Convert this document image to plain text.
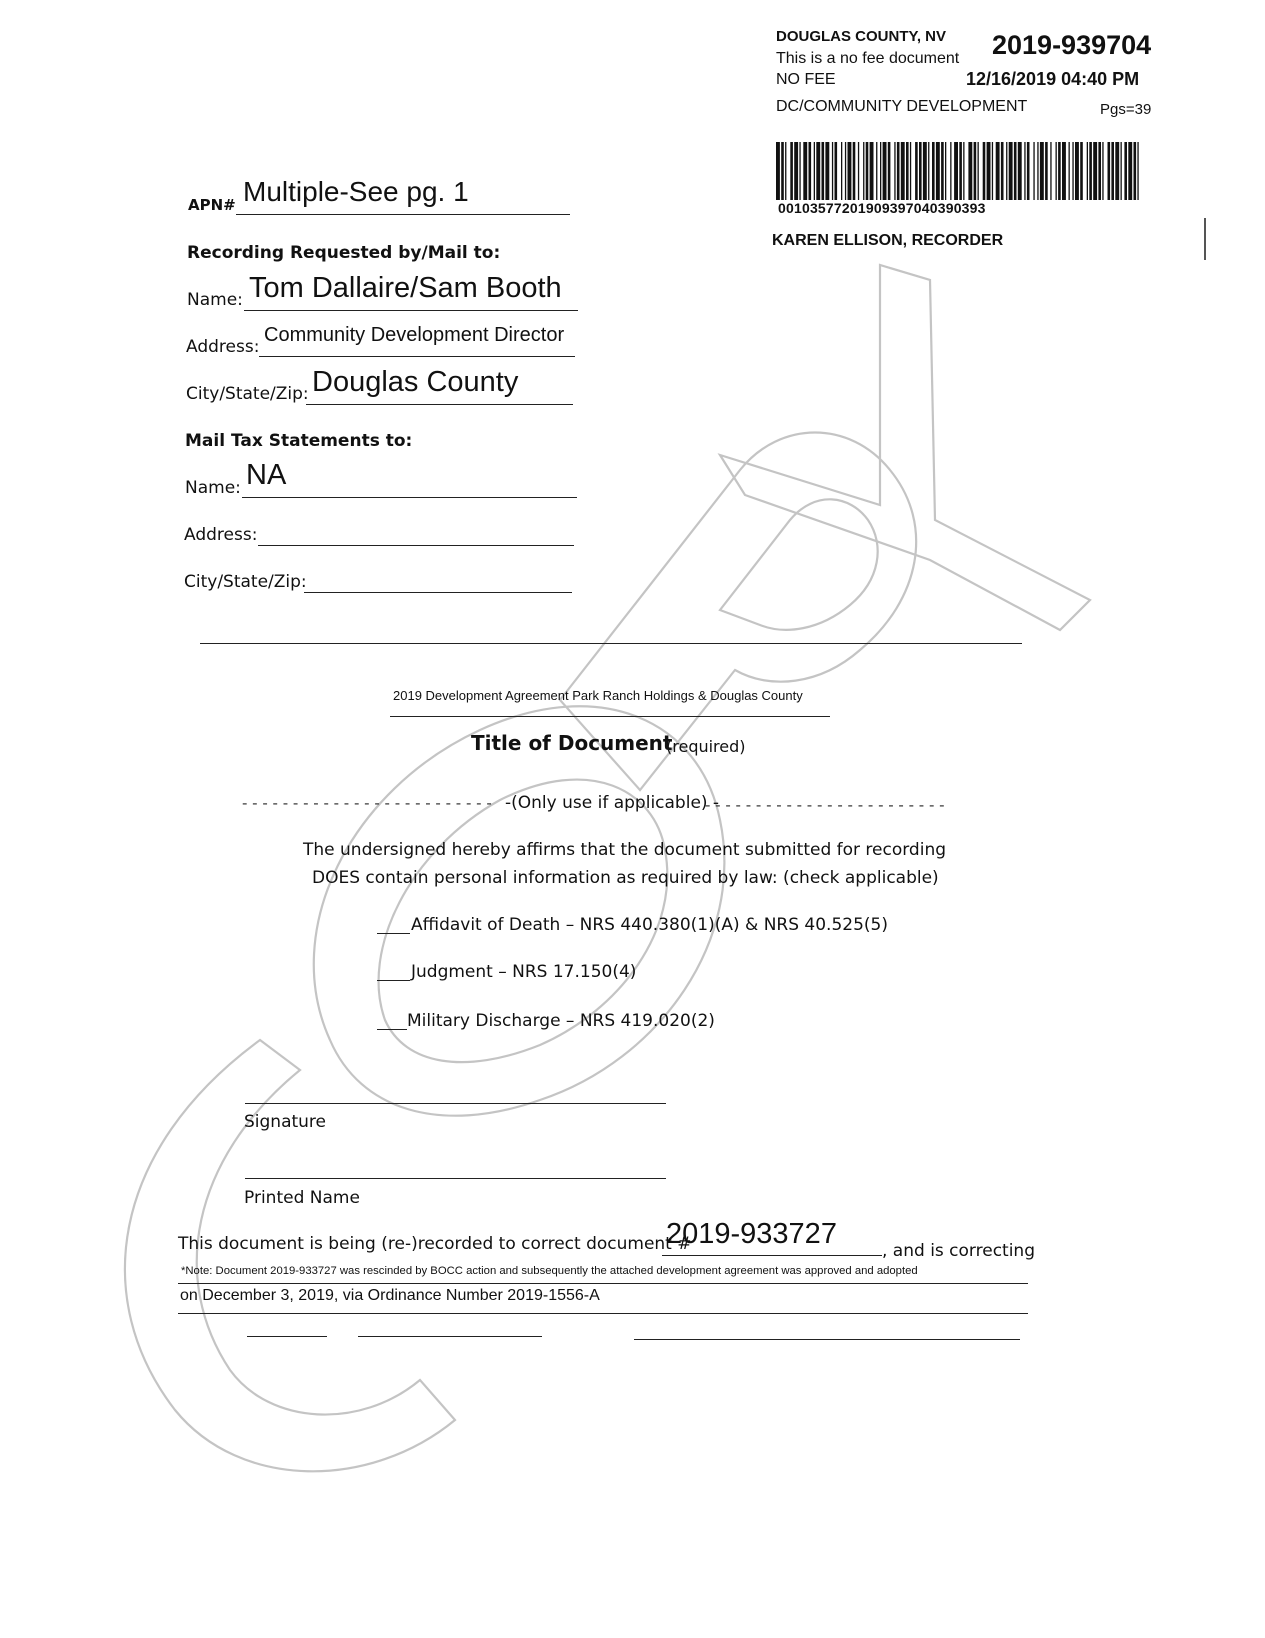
DOUGLAS COUNTY, NV 2019-939704
This is a no fee document
NO FEE	12/16/2019 04:40 PM
DC/COMMUNITY DEVELOPMENT	Pgs=39
00103577201909397040390393
KAREN ELLISON, RECORDER
APN# Multiple-See pg. 1
Recording Requested by/Mail to:
Name: Tom Dallaire/Sam Booth
Address:
Community Development Director
City/State/Zip: Douglas County
Mail Tax Statements to:
Name: NA
Address:
City/State/Zip:
2019 Development Agreement Park Ranch Holdings & Douglas County
Title of Document
(required)
- - - - - - - - - - - - - - - - - - - - - - - - - -(Only use if applicable) -
- - - - - - - - - - - - - - - - - - - - - - - -
The undersigned hereby affirms that the document submitted for recording
DOES contain personal information as required by law: (check applicable)
Affidavit of Death – NRS 440.380(1)(A) & NRS 40.525(5)
Judgment – NRS 17.150(4)
Military Discharge – NRS 419.020(2)
Signature
Printed Name
This document is being (re-)recorded to correct document #
2019-933727
, and is correcting
*Note: Document 2019-933727 was rescinded by BOCC action and subsequently the attached development agreement was approved and adopted
on December 3, 2019, via Ordinance Number 2019-1556-A
